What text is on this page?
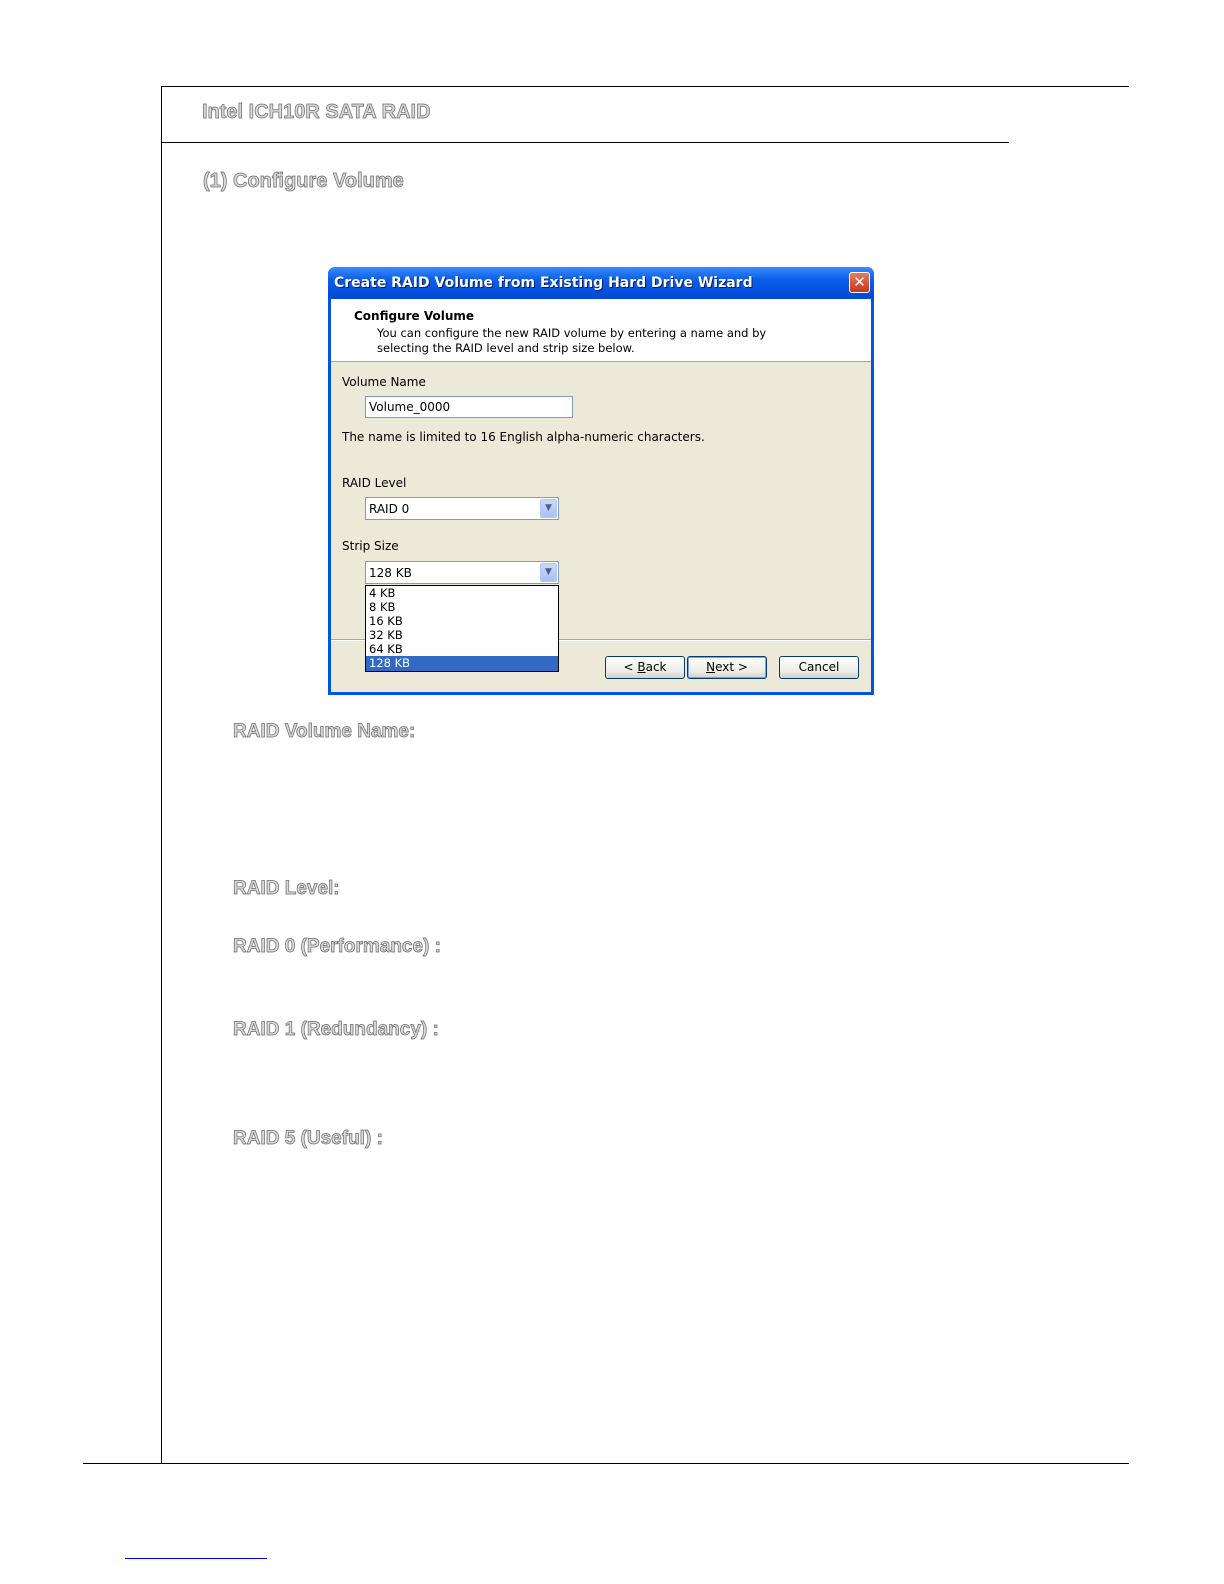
Intel ICH10R SATA RAID
(1) Configure Volume
Create RAID Volume from Existing Hard Drive Wizard	✕
Configure Volume
You can configure the new RAID volume by entering a name and by selecting the RAID level and strip size below.
Volume Name
Volume_0000
The name is limited to 16 English alpha-numeric characters.
RAID Level
RAID 0	▼
Strip Size
128 KB	▼
< Back	Next >	Cancel
4 KB
8 KB
16 KB
32 KB
64 KB
128 KB
RAID Volume Name:
RAID Level:
RAID 0 (Performance) :
RAID 1 (Redundancy) :
RAID 5 (Useful) :
